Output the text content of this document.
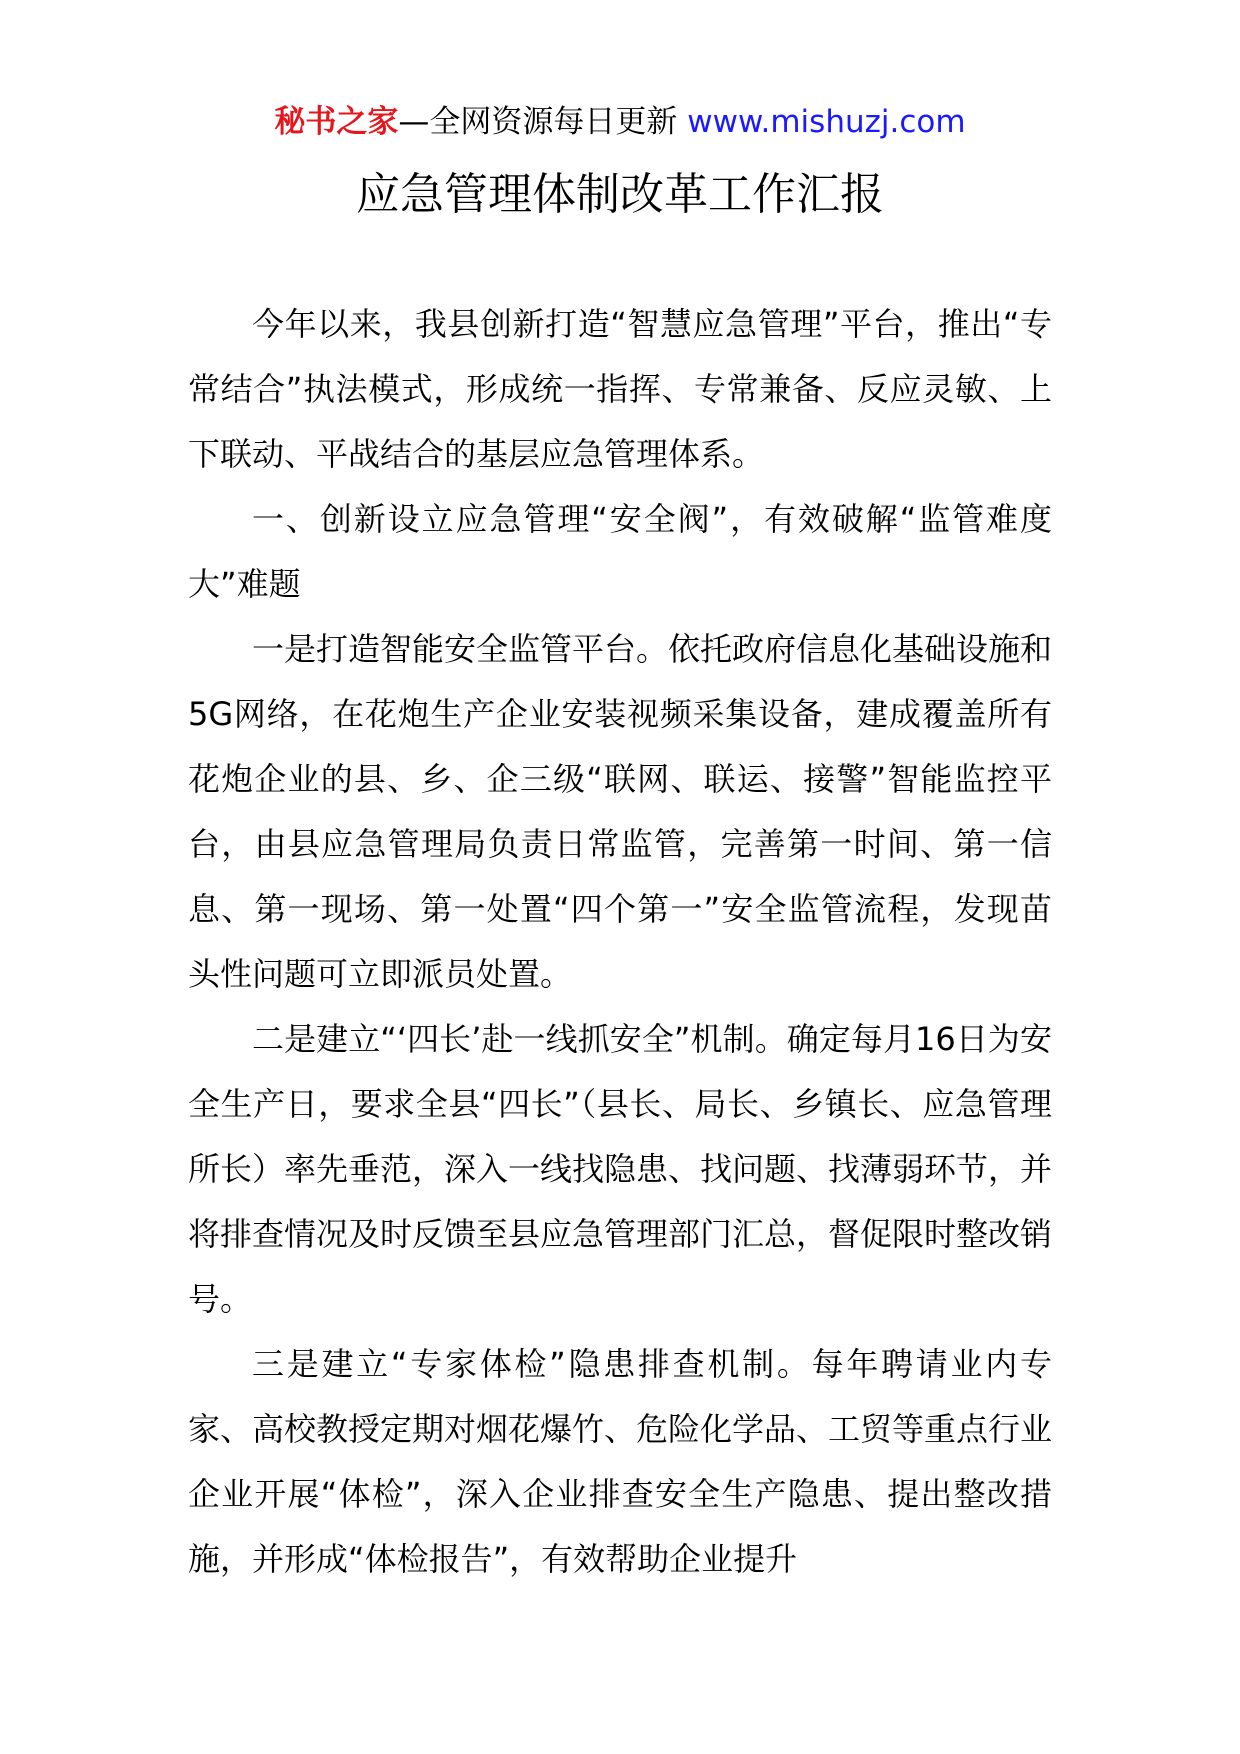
秘书之家—全网资源每日更新 www.mishuzj.com
应急管理体制改革工作汇报

今年以来，我县创新打造“智慧应急管理”平台，推出“专常结合”执法模式，形成统一指挥、专常兼备、反应灵敏、上下联动、平战结合的基层应急管理体系。

一、创新设立应急管理“安全阀”，有效破解“监管难度大”难题

一是打造智能安全监管平台。依托政府信息化基础设施和5G网络，在花炮生产企业安装视频采集设备，建成覆盖所有花炮企业的县、乡、企三级“联网、联运、接警”智能监控平台，由县应急管理局负责日常监管，完善第一时间、第一信息、第一现场、第一处置“四个第一”安全监管流程，发现苗头性问题可立即派员处置。

二是建立“‘四长’赴一线抓安全”机制。确定每月16日为安全生产日，要求全县“四长”（县长、局长、乡镇长、应急管理所长）率先垂范，深入一线找隐患、找问题、找薄弱环节，并将排查情况及时反馈至县应急管理部门汇总，督促限时整改销号。

三是建立“专家体检”隐患排查机制。每年聘请业内专家、高校教授定期对烟花爆竹、危险化学品、工贸等重点行业企业开展“体检”，深入企业排查安全生产隐患、提出整改措施，并形成“体检报告”，有效帮助企业提升
